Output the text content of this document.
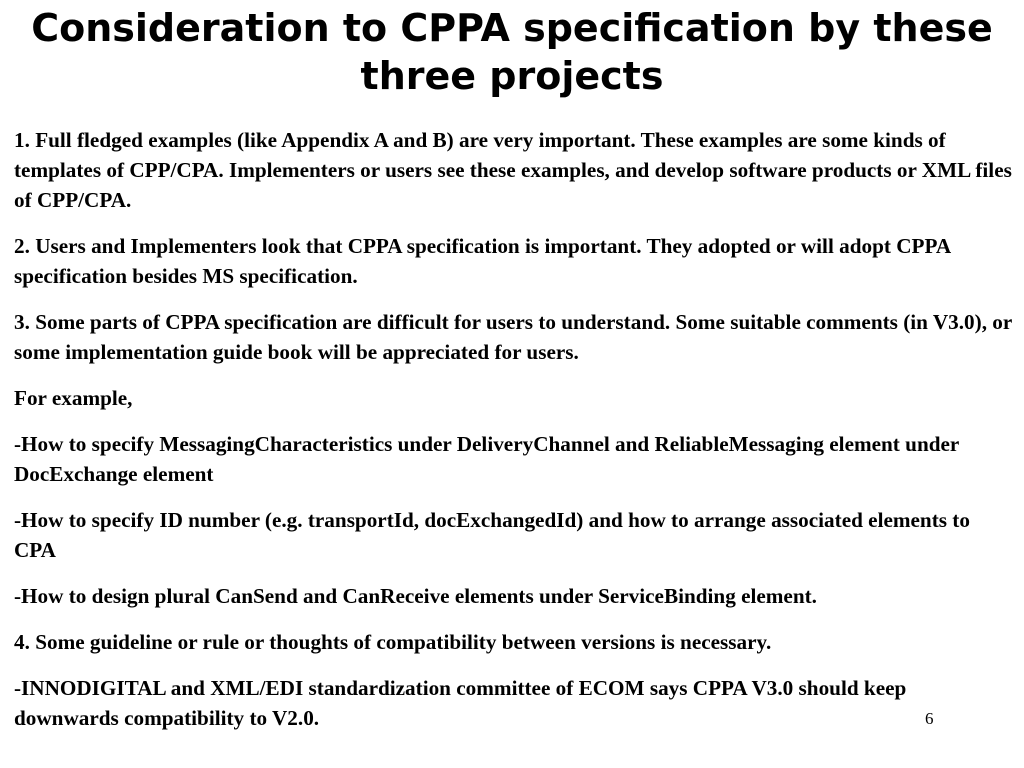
Consideration to CPPA specification by these three projects

1. Full fledged examples (like Appendix A and B) are very important. These examples are some kinds of templates of CPP/CPA. Implementers or users see these examples, and develop software products or XML files of CPP/CPA.

2. Users and Implementers look that CPPA specification is important. They adopted or will adopt CPPA specification besides MS specification.

3. Some parts of CPPA specification are difficult for users to understand. Some suitable comments (in V3.0), or some implementation guide book will be appreciated for users.

For example,

-How to specify MessagingCharacteristics under DeliveryChannel and ReliableMessaging element under DocExchange element

-How to specify ID number (e.g. transportId, docExchangedId) and how to arrange associated elements to CPA

-How to design plural CanSend and CanReceive elements under ServiceBinding element.

4. Some guideline or rule or thoughts of compatibility between versions is necessary.

-INNODIGITAL and XML/EDI standardization committee of ECOM says CPPA V3.0 should keep downwards compatibility to V2.0.	6
